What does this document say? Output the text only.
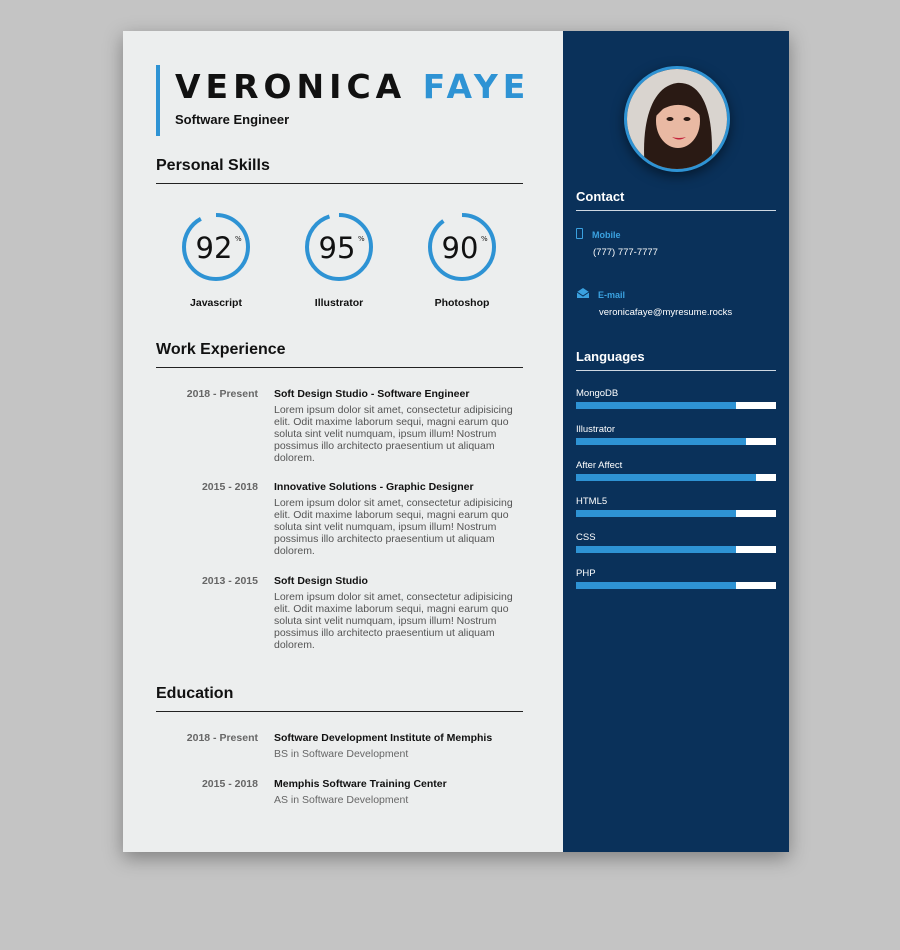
VERONICA FAYE
Software Engineer
Personal Skills
92 %
Javascript
95 %
Illustrator
90 %
Photoshop
Work Experience
2018 - Present Soft Design Studio - Software Engineer
Lorem ipsum dolor sit amet, consectetur adipisicing elit. Odit maxime laborum sequi, magni earum quo soluta sint velit numquam, ipsum illum! Nostrum possimus illo architecto praesentium ut aliquam dolorem.
2015 - 2018 Innovative Solutions - Graphic Designer
Lorem ipsum dolor sit amet, consectetur adipisicing elit. Odit maxime laborum sequi, magni earum quo soluta sint velit numquam, ipsum illum! Nostrum possimus illo architecto praesentium ut aliquam dolorem.
2013 - 2015 Soft Design Studio
Lorem ipsum dolor sit amet, consectetur adipisicing elit. Odit maxime laborum sequi, magni earum quo soluta sint velit numquam, ipsum illum! Nostrum possimus illo architecto praesentium ut aliquam dolorem.
Education
2018 - Present Software Development Institute of Memphis
BS in Software Development
2015 - 2018 Memphis Software Training Center
AS in Software Development
Contact
Mobile
(777) 777-7777
E-mail
veronicafaye@myresume.rocks
Languages
MongoDB
Illustrator
After Affect
HTML5
CSS
PHP
